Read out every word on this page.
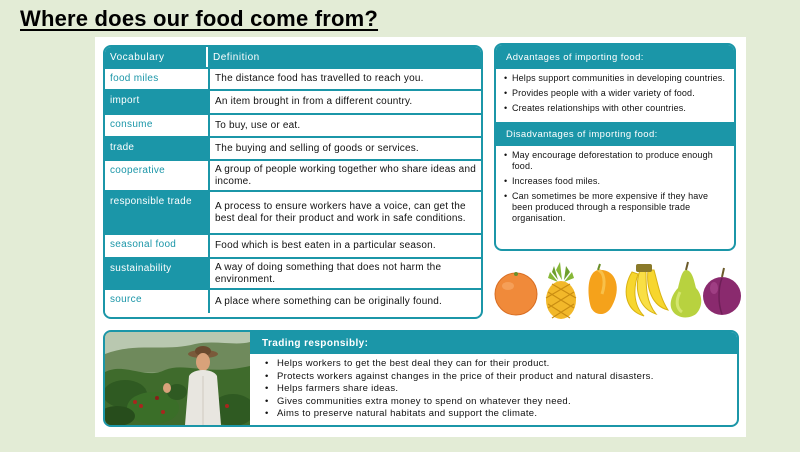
Where does our food come from?
Vocabulary	Definition
food miles	The distance food has travelled to reach you.
import	An item brought in from a different country.
consume	To buy, use or eat.
trade	The buying and selling of goods or services.
cooperative	A group of people working together who share ideas and income.
responsible trade	A process to ensure workers have a voice, can get the best deal for their product and work in safe conditions.
seasonal food	Food which is best eaten in a particular season.
sustainability	A way of doing something that does not harm the environment.
source	A place where something can be originally found.
Advantages of importing food:
• Helps support communities in developing countries.
• Provides people with a wider variety of food.
• Creates relationships with other countries.
Disadvantages of importing food:
• May encourage deforestation to produce enough food.
• Increases food miles.
• Can sometimes be more expensive if they have been produced through a responsible trade organisation.
Trading responsibly:
• Helps workers to get the best deal they can for their product.
• Protects workers against changes in the price of their product and natural disasters.
• Helps farmers share ideas.
• Gives communities extra money to spend on whatever they need.
• Aims to preserve natural habitats and support the climate.
